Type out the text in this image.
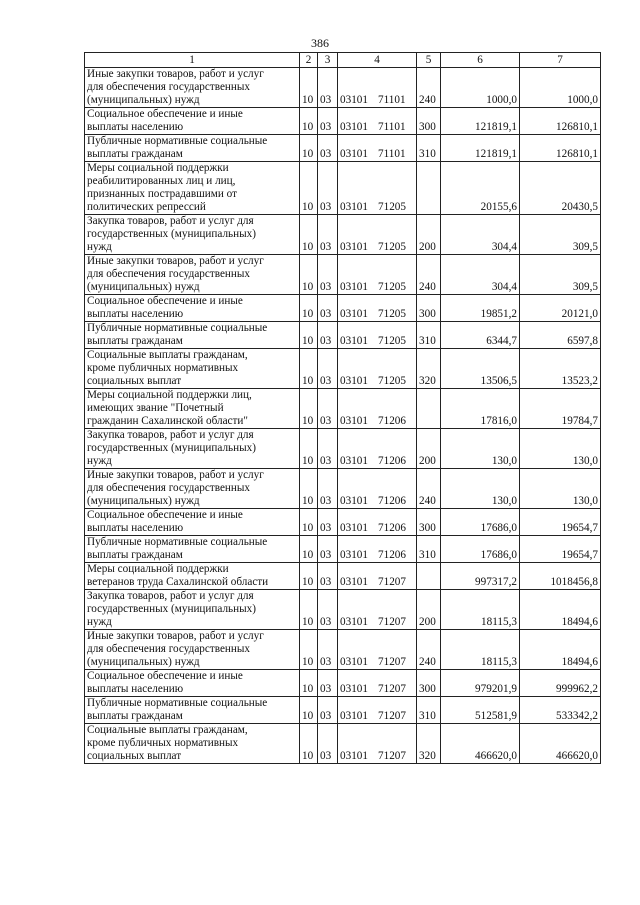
386
1	2	3	4	5	6	7

Иные закупки товаров, работ и услуг
для обеспечения государственных
(муниципальных) нужд	10	03	03101 71101	240	1000,0	1000,0

Социальное обеспечение и иные
выплаты населению	10	03	03101 71101	300	121819,1	126810,1

Публичные нормативные социальные
выплаты гражданам	10	03	03101 71101	310	121819,1	126810,1

Меры социальной поддержки
реабилитированных лиц и лиц,
признанных пострадавшими от
политических репрессий	10	03	03101 71205		20155,6	20430,5

Закупка товаров, работ и услуг для
государственных (муниципальных)
нужд	10	03	03101 71205	200	304,4	309,5

Иные закупки товаров, работ и услуг
для обеспечения государственных
(муниципальных) нужд	10	03	03101 71205	240	304,4	309,5

Социальное обеспечение и иные
выплаты населению	10	03	03101 71205	300	19851,2	20121,0

Публичные нормативные социальные
выплаты гражданам	10	03	03101 71205	310	6344,7	6597,8

Социальные выплаты гражданам,
кроме публичных нормативных
социальных выплат	10	03	03101 71205	320	13506,5	13523,2

Меры социальной поддержки лиц,
имеющих звание "Почетный
гражданин Сахалинской области"	10	03	03101 71206		17816,0	19784,7

Закупка товаров, работ и услуг для
государственных (муниципальных)
нужд	10	03	03101 71206	200	130,0	130,0

Иные закупки товаров, работ и услуг
для обеспечения государственных
(муниципальных) нужд	10	03	03101 71206	240	130,0	130,0

Социальное обеспечение и иные
выплаты населению	10	03	03101 71206	300	17686,0	19654,7

Публичные нормативные социальные
выплаты гражданам	10	03	03101 71206	310	17686,0	19654,7

Меры социальной поддержки
ветеранов труда Сахалинской области	10	03	03101 71207		997317,2	1018456,8

Закупка товаров, работ и услуг для
государственных (муниципальных)
нужд	10	03	03101 71207	200	18115,3	18494,6

Иные закупки товаров, работ и услуг
для обеспечения государственных
(муниципальных) нужд	10	03	03101 71207	240	18115,3	18494,6

Социальное обеспечение и иные
выплаты населению	10	03	03101 71207	300	979201,9	999962,2

Публичные нормативные социальные
выплаты гражданам	10	03	03101 71207	310	512581,9	533342,2

Социальные выплаты гражданам,
кроме публичных нормативных
социальных выплат	10	03	03101 71207	320	466620,0	466620,0
